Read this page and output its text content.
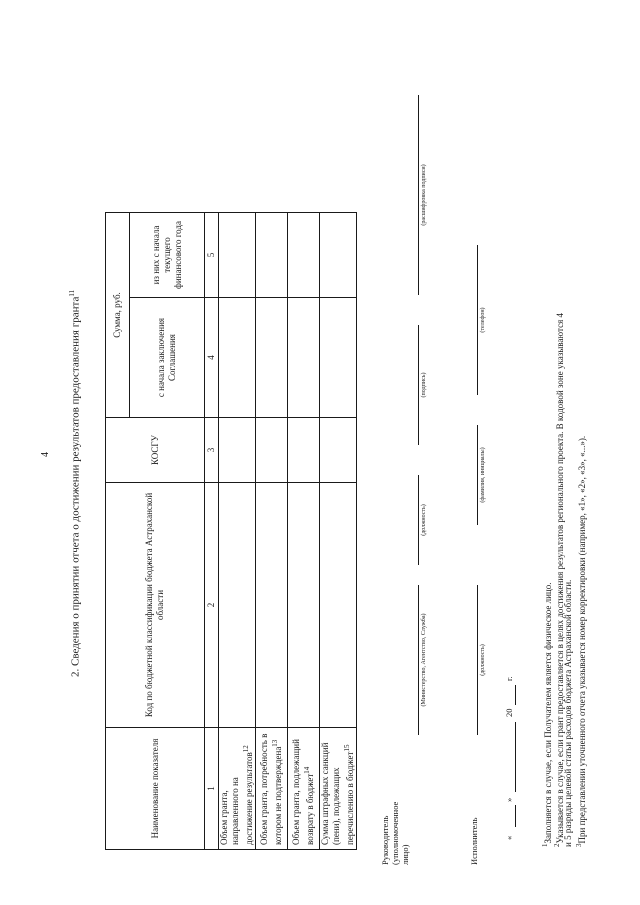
4 2. Сведения о принятии отчета о достижении результатов предоставления гранта$^{11}$
Наименование показателя	Код по бюджетной классификации бюджета Астраханской области	КОСГУ	Сумма, руб.	
			с начала заключения Соглашения	из них с начала текущего финансового года
1	2	3	4	5
Объем гранта, направленного на достижение результатов$^{12}$				
Объем гранта, потребность в котором не подтверждена$^{13}$				
Объем гранта, подлежащий возврату в бюджет$^{14}$				
Сумма штрафных санкций (пени), подлежащих перечислению в бюджет$^{15}$				
Руководитель (уполномоченное лицо)
(Министерство, Агентство, Служба)
(должность)
(подпись)
(расшифровка подписи)
Исполнитель
(должность)
(фамилия, инициалы)
(телефон)
«
»
20
г.
$^1$Заполняется в случае, если Получателем является физическое лицо.
$^2$Указывается в случае, если грант предоставляется в целях достижения результатов регионального проекта. В кодовой зоне указываются 4
и 5 разряды целевой статьи расходов бюджета Астраханской области. $^3$При представлении уточненного отчета указывается номер корректировки (например, «1», «2», «3», «...»).
